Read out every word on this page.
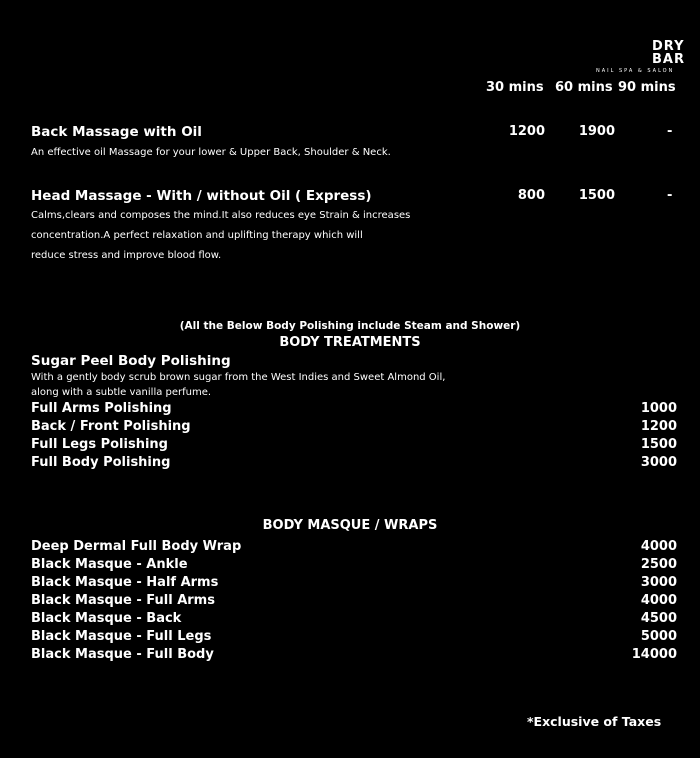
DRY
BAR
NAIL SPA & SALON
30 mins 60 mins 90 mins
Back Massage with Oil
An effective oil Massage for your lower & Upper Back, Shoulder & Neck.
1200	1900	-
Head Massage - With / without Oil ( Express)
Calms,clears and composes the mind.It also reduces eye Strain & increases
concentration.A perfect relaxation and uplifting therapy which will
reduce stress and improve blood flow.
800	1500	-
(All the Below Body Polishing include Steam and Shower)
BODY TREATMENTS
Sugar Peel Body Polishing
With a gently body scrub brown sugar from the West Indies and Sweet Almond Oil,
along with a subtle vanilla perfume.
Full Arms Polishing	1000
Back / Front Polishing	1200
Full Legs Polishing	1500
Full Body Polishing	3000
BODY MASQUE / WRAPS
Deep Dermal Full Body Wrap	4000
Black Masque - Ankle	2500
Black Masque - Half Arms	3000
Black Masque - Full Arms	4000
Black Masque - Back	4500
Black Masque - Full Legs	5000
Black Masque - Full Body	14000
*Exclusive of Taxes
